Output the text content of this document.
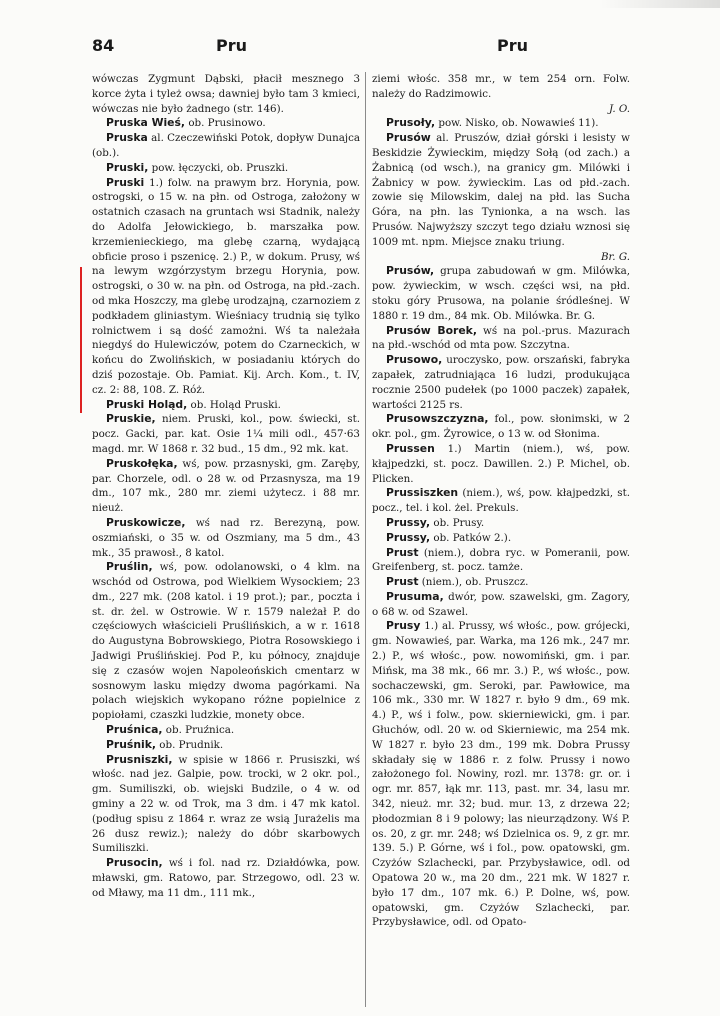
84	Pru	Pru

wówczas Zygmunt Dąbski, płacił mesznego 3 korce żyta i tyleż owsa; dawniej było tam 3 kmieci, wówczas nie było żadnego (str. 146).

Pruska Wieś, ob. Prusinowo.

Pruska al. Czeczewiński Potok, dopływ Dunajca (ob.).

Pruski, pow. łęczycki, ob. Pruszki.

Pruski 1.) folw. na prawym brz. Horynia, pow. ostrogski, o 15 w. na płn. od Ostroga, założony w ostatnich czasach na gruntach wsi Stadnik, należy do Adolfa Jełowickiego, b. marszałka pow. krzemienieckiego, ma glebę czarną, wydającą obficie proso i pszenicę. 2.) P., w dokum. Prusy, wś na lewym wzgórzystym brzegu Horynia, pow. ostrogski, o 30 w. na płn. od Ostroga, na płd.-zach. od mka Hoszczy, ma glebę urodzajną, czarnoziem z podkładem gliniastym. Wieśniacy trudnią się tylko rolnictwem i są dość zamożni. Wś ta należała niegdyś do Hulewiczów, potem do Czarneckich, w końcu do Zwolińskich, w posiadaniu których do dziś pozostaje. Ob. Pamiat. Kij. Arch. Kom., t. IV, cz. 2: 88, 108. Z. Róż.

Pruski Holąd, ob. Holąd Pruski.

Pruskie, niem. Pruski, kol., pow. świecki, st. pocz. Gacki, par. kat. Osie 1¼ mili odl., 457·63 magd. mr. W 1868 r. 32 bud., 15 dm., 92 mk. kat.

Pruskołęka, wś, pow. przasnyski, gm. Zaręby, par. Chorzele, odl. o 28 w. od Przasnysza, ma 19 dm., 107 mk., 280 mr. ziemi użytecz. i 88 mr. nieuż.

Pruskowicze, wś nad rz. Berezyną, pow. oszmiański, o 35 w. od Oszmiany, ma 5 dm., 43 mk., 35 prawosł., 8 katol.

Pruślin, wś, pow. odolanowski, o 4 klm. na wschód od Ostrowa, pod Wielkiem Wysockiem; 23 dm., 227 mk. (208 katol. i 19 prot.); par., poczta i st. dr. żel. w Ostrowie. W r. 1579 należał P. do częściowych właścicieli Pruślińskich, a w r. 1618 do Augustyna Bobrowskiego, Piotra Rosowskiego i Jadwigi Pruślińskiej. Pod P., ku północy, znajduje się z czasów wojen Napoleońskich cmentarz w sosnowym lasku między dwoma pagórkami. Na polach wiejskich wykopano różne popielnice z popiołami, czaszki ludzkie, monety obce.

Pruśnica, ob. Pruźnica.

Pruśnik, ob. Prudnik.

Prusniszki, w spisie w 1866 r. Prusiszki, wś włośc. nad jez. Galpie, pow. trocki, w 2 okr. pol., gm. Sumiliszki, ob. wiejski Budzile, o 4 w. od gminy a 22 w. od Trok, ma 3 dm. i 47 mk katol. (podług spisu z 1864 r. wraz ze wsią Jurażelis ma 26 dusz rewiz.); należy do dóbr skarbowych Sumiliszki.

Prusocin, wś i fol. nad rz. Działdówka, pow. mławski, gm. Ratowo, par. Strzegowo, odl. 23 w. od Mławy, ma 11 dm., 111 mk.,

ziemi włośc. 358 mr., w tem 254 orn. Folw. należy do Radzimowic.
J. O.

Prusoły, pow. Nisko, ob. Nowawieś 11).

Prusów al. Pruszów, dział górski i lesisty w Beskidzie Żywieckim, między Sołą (od zach.) a Żabnicą (od wsch.), na granicy gm. Milówki i Żabnicy w pow. żywieckim. Las od płd.-zach. zowie się Milowskim, dalej na płd. las Sucha Góra, na płn. las Tynionka, a na wsch. las Prusów. Najwyższy szczyt tego działu wznosi się 1009 mt. npm. Miejsce znaku triung.
Br. G.

Prusów, grupa zabudowań w gm. Milówka, pow. żywieckim, w wsch. części wsi, na płd. stoku góry Prusowa, na polanie śródleśnej. W 1880 r. 19 dm., 84 mk. Ob. Milówka. Br. G.

Prusów Borek, wś na pol.-prus. Mazurach na płd.-wschód od mta pow. Szczytna.

Prusowo, uroczysko, pow. orszański, fabryka zapałek, zatrudniająca 16 ludzi, produkująca rocznie 2500 pudełek (po 1000 paczek) zapałek, wartości 2125 rs.

Prusowszczyzna, fol., pow. słonimski, w 2 okr. pol., gm. Żyrowice, o 13 w. od Słonima.

Prussen 1.) Martin (niem.), wś, pow. kłajpedzki, st. pocz. Dawillen. 2.) P. Michel, ob. Plicken.

Prussiszken (niem.), wś, pow. kłajpedzki, st. pocz., tel. i kol. żel. Prekuls.

Prussy, ob. Prusy.

Prussy, ob. Patków 2.).

Prust (niem.), dobra ryc. w Pomeranii, pow. Greifenberg, st. pocz. tamże.

Prust (niem.), ob. Pruszcz.

Prusuma, dwór, pow. szawelski, gm. Zagory, o 68 w. od Szawel.

Prusy 1.) al. Prussy, wś włośc., pow. grójecki, gm. Nowawieś, par. Warka, ma 126 mk., 247 mr. 2.) P., wś włośc., pow. nowomiński, gm. i par. Mińsk, ma 38 mk., 66 mr. 3.) P., wś włośc., pow. sochaczewski, gm. Seroki, par. Pawłowice, ma 106 mk., 330 mr. W 1827 r. było 9 dm., 69 mk. 4.) P., wś i folw., pow. skierniewicki, gm. i par. Głuchów, odl. 20 w. od Skierniewic, ma 254 mk. W 1827 r. było 23 dm., 199 mk. Dobra Prussy składały się w 1886 r. z folw. Prussy i nowo założonego fol. Nowiny, rozl. mr. 1378: gr. or. i ogr. mr. 857, łąk mr. 113, past. mr. 34, lasu mr. 342, nieuż. mr. 32; bud. mur. 13, z drzewa 22; płodozmian 8 i 9 polowy; las nieurządzony. Wś P. os. 20, z gr. mr. 248; wś Dzielnica os. 9, z gr. mr. 139. 5.) P. Górne, wś i fol., pow. opatowski, gm. Czyżów Szlachecki, par. Przybysławice, odl. od Opatowa 20 w., ma 20 dm., 221 mk. W 1827 r. było 17 dm., 107 mk. 6.) P. Dolne, wś, pow. opatowski, gm. Czyżów Szlachecki, par. Przybysławice, odl. od Opato-
